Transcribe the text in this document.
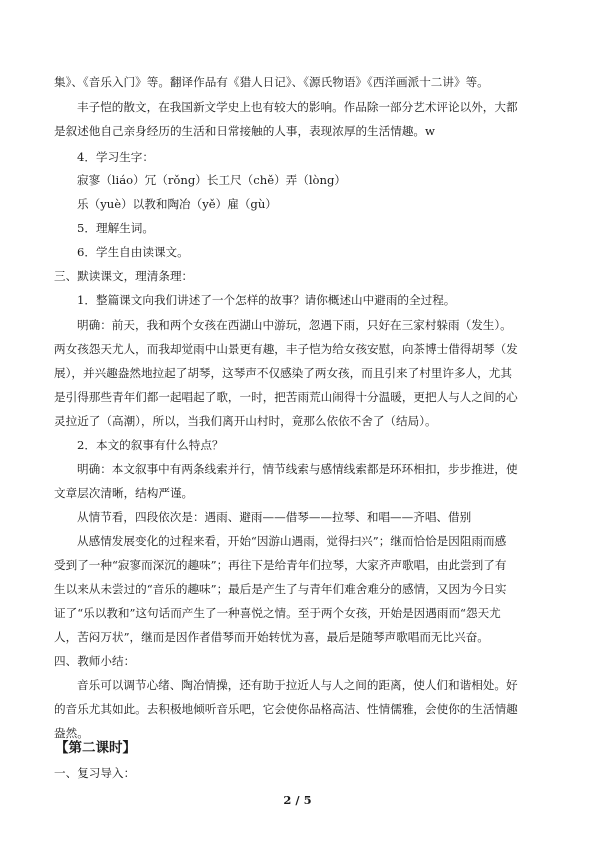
集》、《音乐入门》等。翻译作品有《猎人日记》、《源氏物语》《西洋画派十二讲》等。
丰子恺的散文，在我国新文学史上也有较大的影响。作品除一部分艺术评论以外，大都
是叙述他自己亲身经历的生活和日常接触的人事，表现浓厚的生活情趣。w
4．学习生字：
寂寥（liáo）冗（rǒng）长工尺（chě）弄（lòng）
乐（yuè）以教和陶冶（yě）雇（gù）
5．理解生词。
6．学生自由读课文。
三、默读课文，理清条理：
1．整篇课文向我们讲述了一个怎样的故事？请你概述山中避雨的全过程。
明确：前天，我和两个女孩在西湖山中游玩，忽遇下雨，只好在三家村躲雨（发生）。
两女孩怨天尤人，而我却觉雨中山景更有趣，丰子恺为给女孩安慰，向茶博士借得胡琴（发
展），并兴趣盎然地拉起了胡琴，这琴声不仅感染了两女孩，而且引来了村里许多人，尤其
是引得那些青年们都一起唱起了歌，一时，把苦雨荒山闹得十分温暖，更把人与人之间的心
灵拉近了（高潮），所以，当我们离开山村时，竟那么依依不舍了（结局）。
2．本文的叙事有什么特点？
明确：本文叙事中有两条线索并行，情节线索与感情线索都是环环相扣，步步推进，使
文章层次清晰，结构严谨。
从情节看，四段依次是：遇雨、避雨——借琴——拉琴、和唱——齐唱、借别
从感情发展变化的过程来看，开始“因游山遇雨，觉得扫兴”；继而恰恰是因阻雨而感
受到了一种“寂寥而深沉的趣味”；再往下是给青年们拉琴，大家齐声歌唱，由此尝到了有
生以来从未尝过的“音乐的趣味”；最后是产生了与青年们难舍难分的感情，又因为今日实
证了“乐以教和”这句话而产生了一种喜悦之情。至于两个女孩，开始是因遇雨而“怨天尤
人，苦闷万状”，继而是因作者借琴而开始转忧为喜，最后是随琴声歌唱而无比兴奋。
四、教师小结：
音乐可以调节心绪、陶冶情操，还有助于拉近人与人之间的距离，使人们和谐相处。好
的音乐尤其如此。去积极地倾听音乐吧，它会使你品格高洁、性情儒雅，会使你的生活情趣
盎然。
【第二课时】
一、复习导入：
2 / 5
